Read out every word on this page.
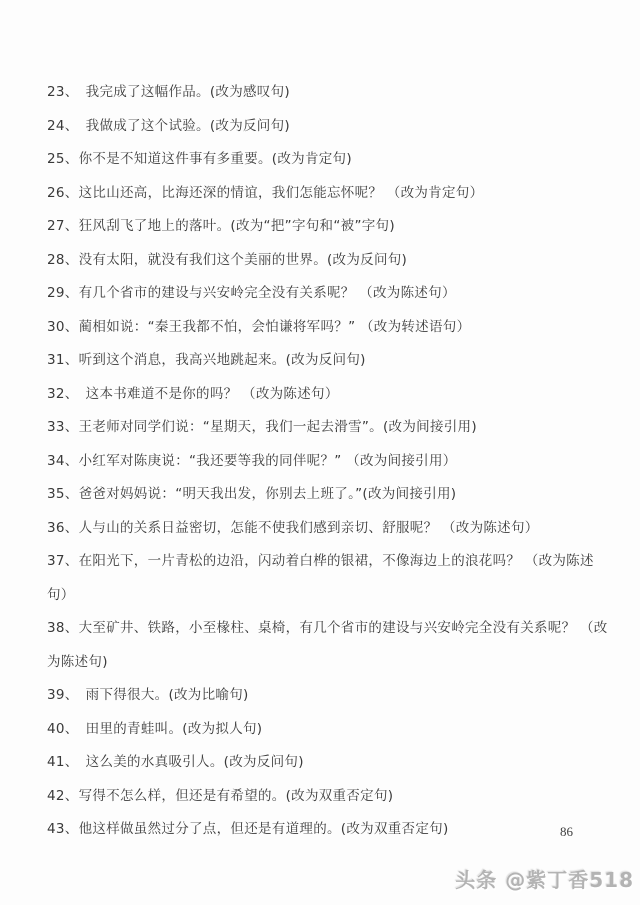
23、　我完成了这幅作品。(改为感叹句)

24、　我做成了这个试验。(改为反问句)

25、你不是不知道这件事有多重要。(改为肯定句)

26、这比山还高，比海还深的情谊，我们怎能忘怀呢？ （改为肯定句）

27、狂风刮飞了地上的落叶。(改为“把”字句和“被”字句)

28、没有太阳，就没有我们这个美丽的世界。(改为反问句)

29、有几个省市的建设与兴安岭完全没有关系呢？ （改为陈述句）

30、蔺相如说：“秦王我都不怕，会怕谦将军吗？” （改为转述语句）

31、听到这个消息，我高兴地跳起来。(改为反问句)

32、　这本书难道不是你的吗？ （改为陈述句）

33、王老师对同学们说：“星期天，我们一起去滑雪”。(改为间接引用)

34、小红军对陈庚说：“我还要等我的同伴呢？” （改为间接引用）

35、爸爸对妈妈说：“明天我出发，你别去上班了。”(改为间接引用)

36、人与山的关系日益密切，怎能不使我们感到亲切、舒服呢？ （改为陈述句）

37、在阳光下，一片青松的边沿，闪动着白桦的银裙，不像海边上的浪花吗？ （改为陈述句）

38、大至矿井、铁路，小至椽柱、桌椅，有几个省市的建设与兴安岭完全没有关系呢？ （改为陈述句)

39、　雨下得很大。(改为比喻句)

40、　田里的青蛙叫。(改为拟人句)

41、　这么美的水真吸引人。(改为反问句)

42、写得不怎么样，但还是有希望的。(改为双重否定句)

43、他这样做虽然过分了点，但还是有道理的。(改为双重否定句)	86
头条 @紫丁香518
